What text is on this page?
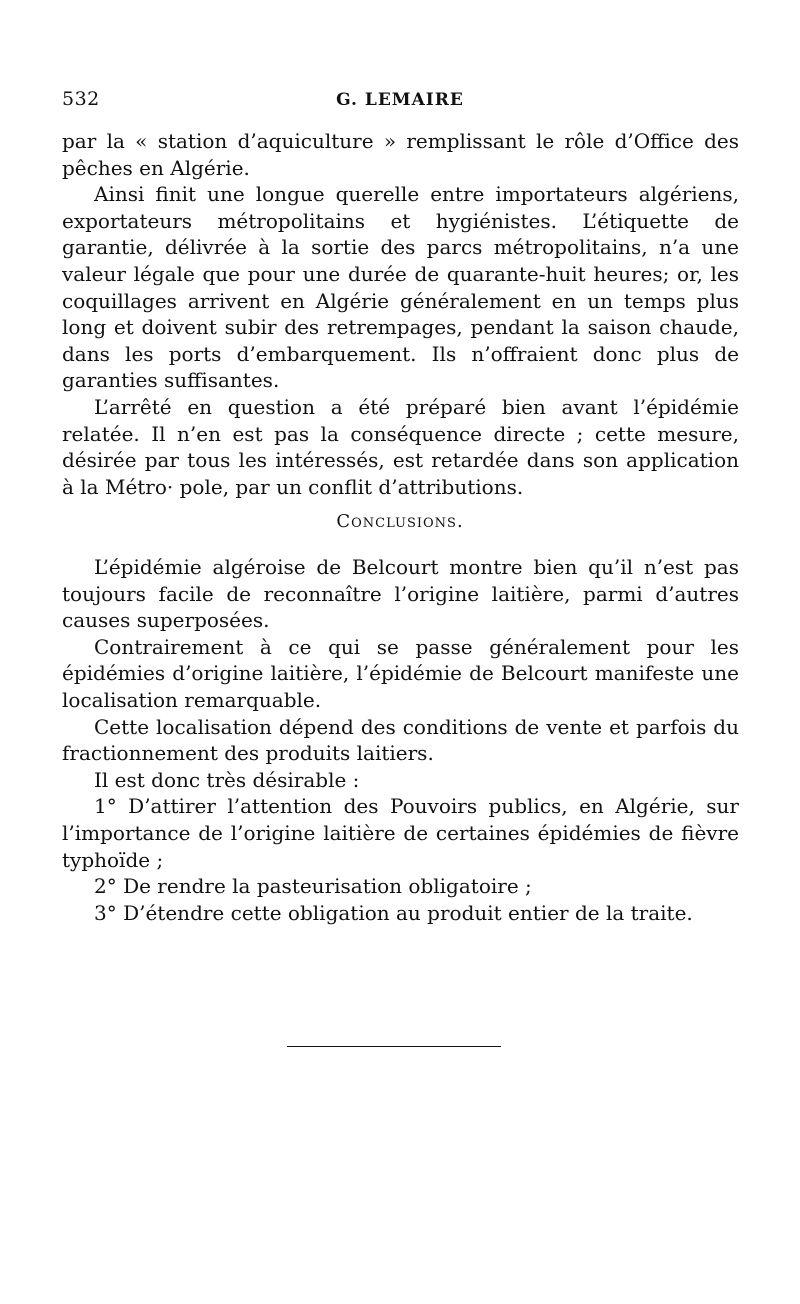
532	G. LEMAIRE

par la « station d’aquiculture » remplissant le rôle d’Office des pêches en Algérie.

Ainsi finit une longue querelle entre importateurs algériens, exportateurs métropolitains et hygiénistes. L’étiquette de garantie, délivrée à la sortie des parcs métropolitains, n’a une valeur légale que pour une durée de quarante-huit heures; or, les coquillages arrivent en Algérie généralement en un temps plus long et doivent subir des retrempages, pendant la saison chaude, dans les ports d’embarquement. Ils n’offraient donc plus de garanties suffisantes.

L’arrêté en question a été préparé bien avant l’épidémie relatée. Il n’en est pas la conséquence directe ; cette mesure, désirée par tous les intéressés, est retardée dans son application à la Métro· pole, par un conflit d’attributions.

Conclusions.

L’épidémie algéroise de Belcourt montre bien qu’il n’est pas toujours facile de reconnaître l’origine laitière, parmi d’autres causes superposées.

Contrairement à ce qui se passe généralement pour les épidémies d’origine laitière, l’épidémie de Belcourt manifeste une localisation remarquable.

Cette localisation dépend des conditions de vente et parfois du fractionnement des produits laitiers.

Il est donc très désirable :

1° D’attirer l’attention des Pouvoirs publics, en Algérie, sur l’importance de l’origine laitière de certaines épidémies de fièvre typhoïde ;

2° De rendre la pasteurisation obligatoire ;

3° D’étendre cette obligation au produit entier de la traite.
